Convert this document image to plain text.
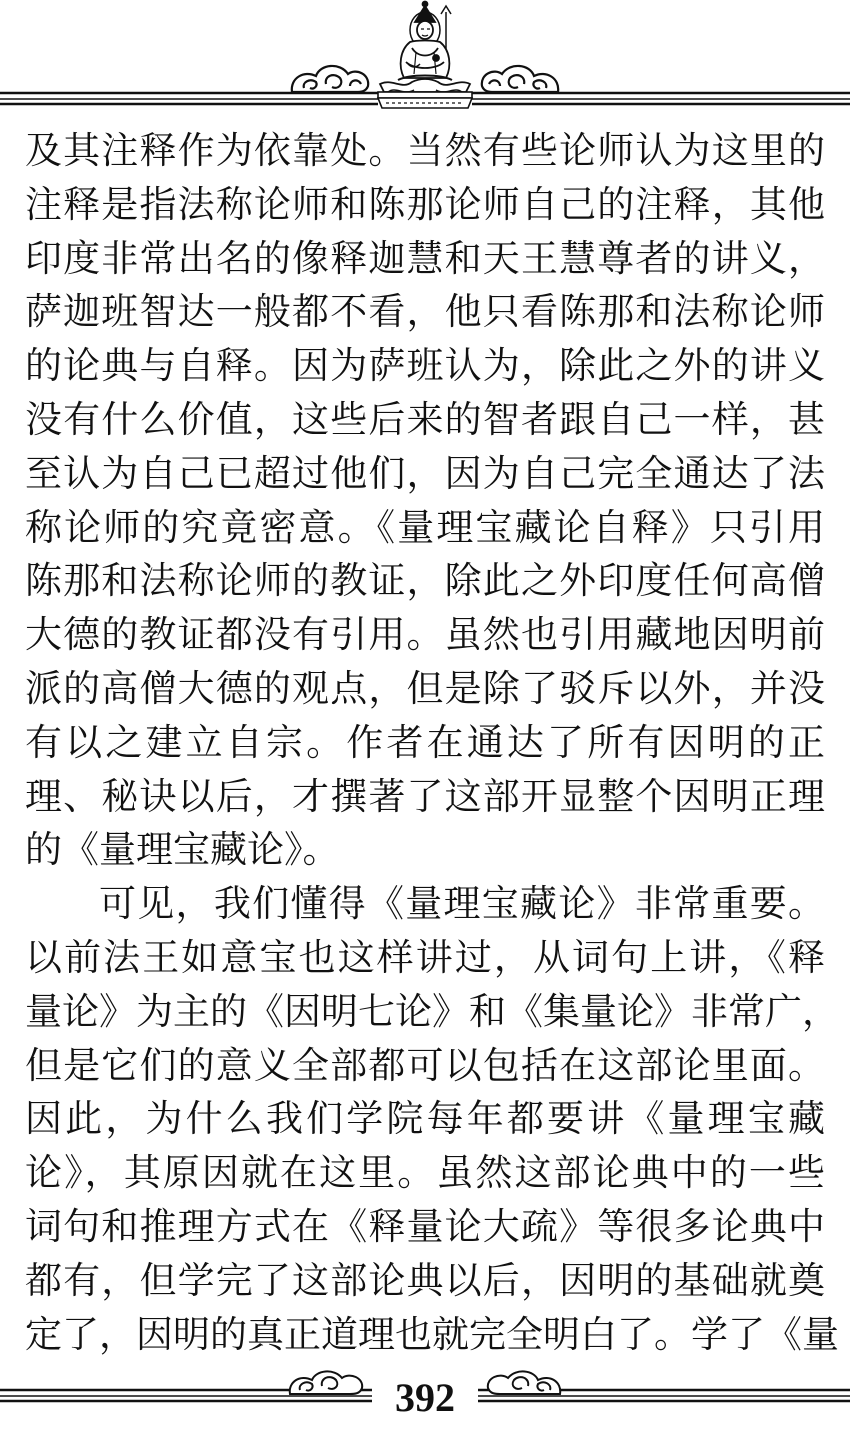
及其注释作为依靠处。当然有些论师认为这里的
注释是指法称论师和陈那论师自己的注释，其他
印度非常出名的像释迦慧和天王慧尊者的讲义，
萨迦班智达一般都不看，他只看陈那和法称论师
的论典与自释。因为萨班认为，除此之外的讲义
没有什么价值，这些后来的智者跟自己一样，甚
至认为自己已超过他们，因为自己完全通达了法
称论师的究竟密意。《量理宝藏论自释》只引用
陈那和法称论师的教证，除此之外印度任何高僧
大德的教证都没有引用。虽然也引用藏地因明前
派的高僧大德的观点，但是除了驳斥以外，并没
有以之建立自宗。作者在通达了所有因明的正
理、秘诀以后，才撰著了这部开显整个因明正理
的《量理宝藏论》。
可见，我们懂得《量理宝藏论》非常重要。
以前法王如意宝也这样讲过，从词句上讲，《释
量论》为主的《因明七论》和《集量论》非常广，
但是它们的意义全部都可以包括在这部论里面。
因此，为什么我们学院每年都要讲《量理宝藏
论》，其原因就在这里。虽然这部论典中的一些
词句和推理方式在《释量论大疏》等很多论典中
都有，但学完了这部论典以后，因明的基础就奠
定了，因明的真正道理也就完全明白了。学了《量
392
